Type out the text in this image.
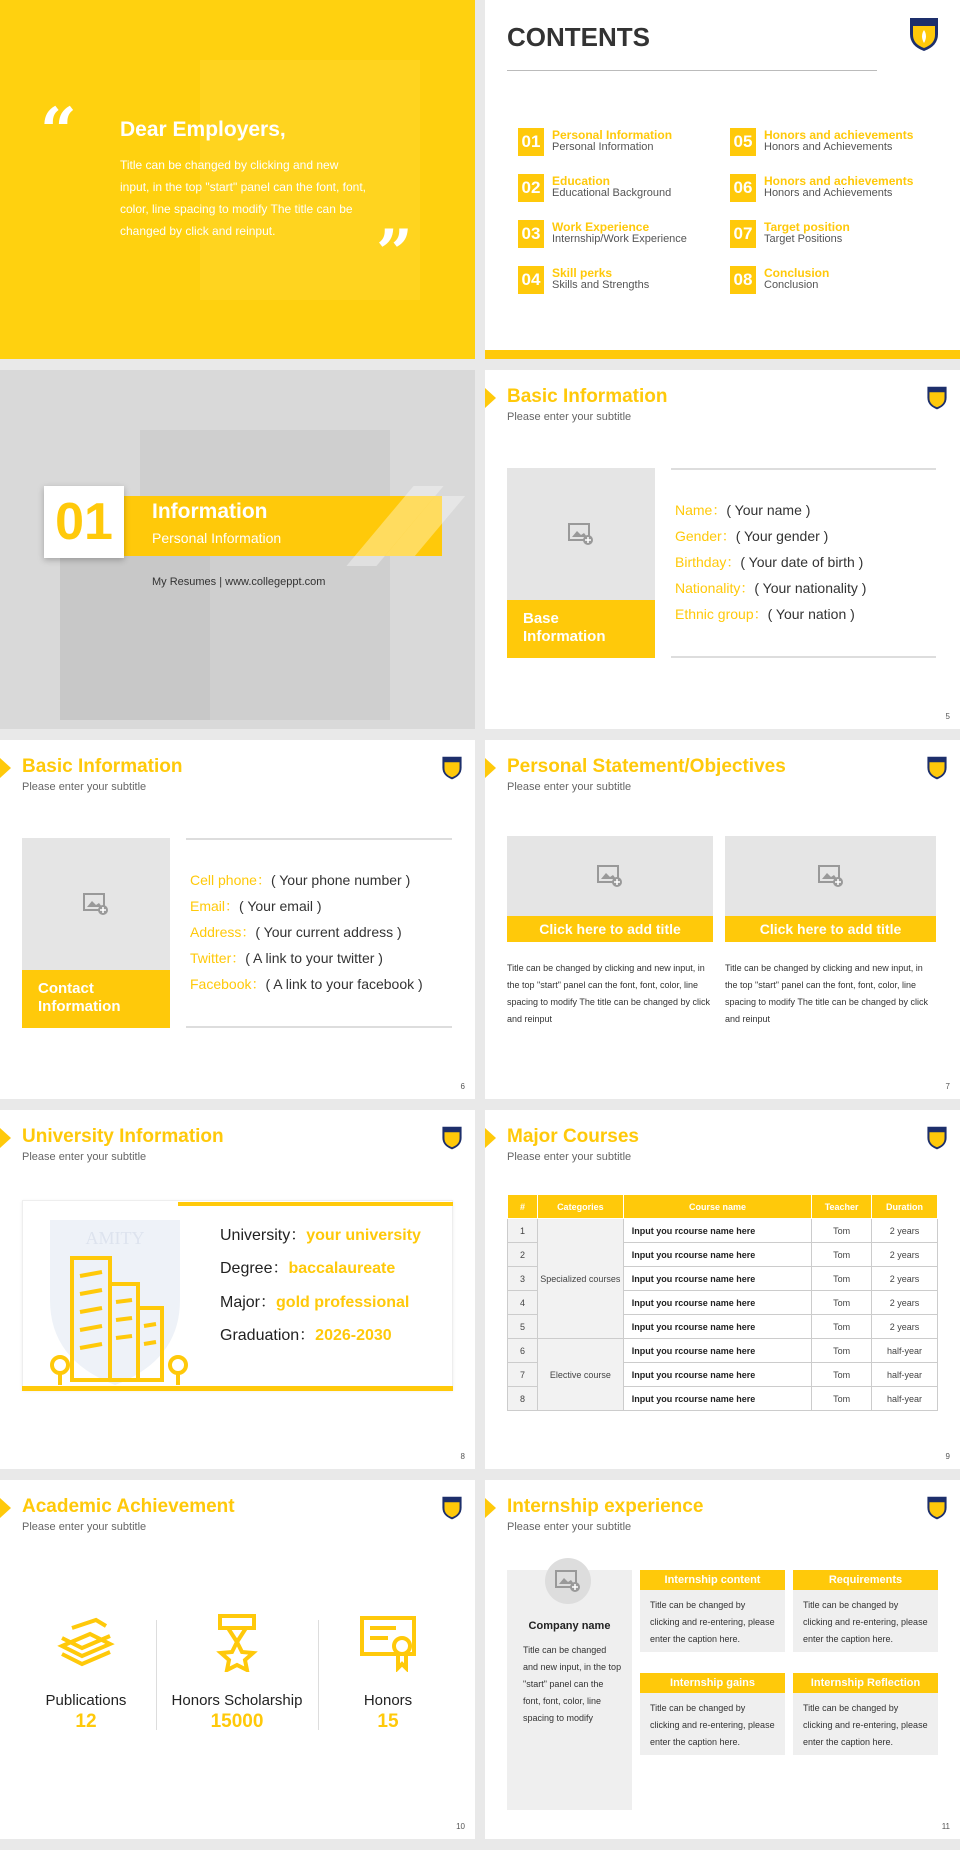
“ Dear Employers,
Title can be changed by clicking and new input, in the top "start" panel can the font, font, color, line spacing to modify The title can be changed by click and reinput.	”
CONTENTS
01 Personal Information
Personal Information
02 Education
Educational Background
03 Work Experience
Internship/Work Experience
04 Skill perks
Skills and Strengths
05 Honors and achievements
Honors and Achievements
06 Honors and achievements
Honors and Achievements
07 Target position
Target Positions
08 Conclusion
Conclusion
01	Information
Personal Information
My Resumes | www.collegeppt.com
Basic Information
Please enter your subtitle
Base Information
Name：( Your name )
Gender：( Your gender )
Birthday：( Your date of birth )
Nationality：( Your nationality )
Ethnic group：( Your nation )
5
Basic Information
Please enter your subtitle
Contact Information
Cell phone：( Your phone number )
Email：( Your email )
Address：( Your current address )
Twitter：( A link to your twitter )
Facebook：( A link to your facebook )
6
Personal Statement/Objectives
Please enter your subtitle
Click here to add title
Title can be changed by clicking and new input, in the top "start" panel can the font, font, color, line spacing to modify The title can be changed by click and reinput
Click here to add title
Title can be changed by clicking and new input, in the top "start" panel can the font, font, color, line spacing to modify The title can be changed by click and reinput
7
University Information
Please enter your subtitle
AMITY	University：your university
Degree：baccalaureate
Major：gold professional
Graduation：2026-2030
8
Major Courses
Please enter your subtitle
#	Categories	Course name	Teacher	Duration
1	Specialized courses	Input you rcourse name here	Tom	2 years
2		Input you rcourse name here	Tom	2 years
3		Input you rcourse name here	Tom	2 years
4		Input you rcourse name here	Tom	2 years
5		Input you rcourse name here	Tom	2 years
6	Elective course	Input you rcourse name here	Tom	half-year
7		Input you rcourse name here	Tom	half-year
8		Input you rcourse name here	Tom	half-year
9
Academic Achievement
Please enter your subtitle
Publications
12
Honors Scholarship
15000
Honors
15
10
Internship experience
Please enter your subtitle
Company name
Title can be changed and new input, in the top "start" panel can the font, font, color, line spacing to modify
Internship content
Title can be changed by clicking and re-entering, please enter the caption here.
Requirements
Title can be changed by clicking and re-entering, please enter the caption here.
Internship gains
Title can be changed by clicking and re-entering, please enter the caption here.
Internship Reflection
Title can be changed by clicking and re-entering, please enter the caption here.
11
